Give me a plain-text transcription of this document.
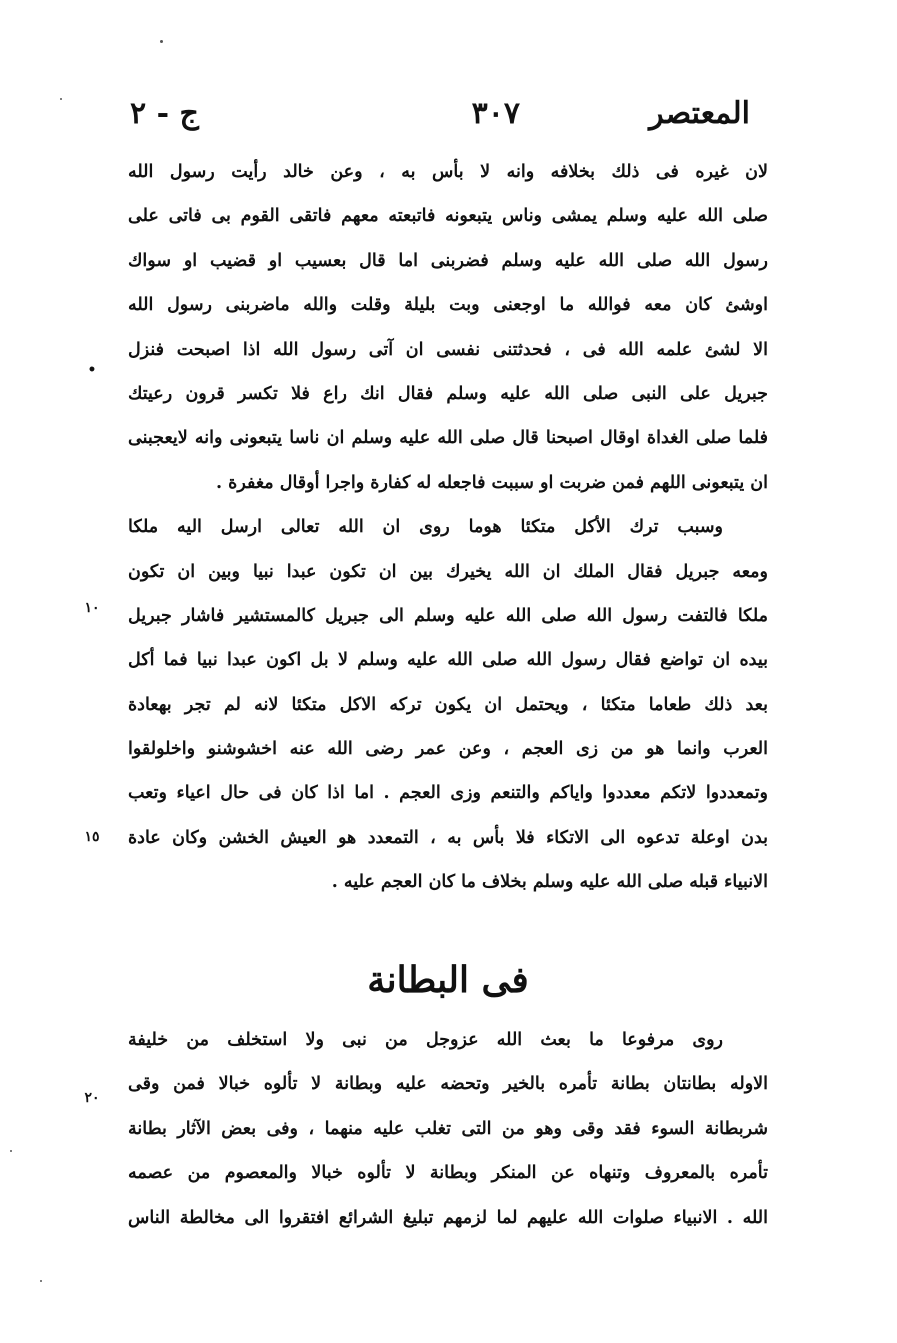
المعتصر
٣٠٧
ج - ٢
لان غيره فى ذلك بخلافه وانه لا بأس به ، وعن خالد رأيت رسول الله
صلى الله عليه وسلم يمشى وناس يتبعونه فاتبعته معهم فاتقى القوم بى فاتى على
رسول الله صلى الله عليه وسلم فضربنى اما قال بعسيب او قضيب او سواك
اوشئ كان معه فوالله ما اوجعنى وبت بليلة وقلت والله ماضربنى رسول الله
الا لشئ علمه الله فى ، فحدثتنى نفسى ان آتى رسول الله اذا اصبحت فنزل
جبريل على النبى صلى الله عليه وسلم فقال انك راع فلا تكسر قرون رعيتك
فلما صلى الغداة اوقال اصبحنا قال صلى الله عليه وسلم ان ناسا يتبعونى وانه لايعجبنى
ان يتبعونى اللهم فمن ضربت او سببت فاجعله له كفارة واجرا أوقال مغفرة .
وسبب ترك الأكل متكئا هوما روى ان الله تعالى ارسل اليه ملكا
ومعه جبريل فقال الملك ان الله يخيرك بين ان تكون عبدا نبيا وبين ان تكون
ملكا فالتفت رسول الله صلى الله عليه وسلم الى جبريل كالمستشير فاشار جبريل
بيده ان تواضع فقال رسول الله صلى الله عليه وسلم لا بل اكون عبدا نبيا فما أكل
بعد ذلك طعاما متكئا ، ويحتمل ان يكون تركه الاكل متكئا لانه لم تجر بهعادة
العرب وانما هو من زى العجم ، وعن عمر رضى الله عنه اخشوشنو واخلولقوا
وتمعددوا لاتكم معددوا واياكم والتنعم وزى العجم . اما اذا كان فى حال اعياء وتعب
بدن اوعلة تدعوه الى الاتكاء فلا بأس به ، التمعدد هو العيش الخشن وكان عادة
الانبياء قبله صلى الله عليه وسلم بخلاف ما كان العجم عليه .
فى البطانة
روى مرفوعا ما بعث الله عزوجل من نبى ولا استخلف من خليفة
الاوله بطانتان بطانة تأمره بالخير وتحضه عليه وبطانة لا تألوه خبالا فمن وقى
شربطانة السوء فقد وقى وهو من التى تغلب عليه منهما ، وفى بعض الآثار بطانة
تأمره بالمعروف وتنهاه عن المنكر وبطانة لا تألوه خبالا والمعصوم من عصمه
الله . الانبياء صلوات الله عليهم لما لزمهم تبليغ الشرائع افتقروا الى مخالطة الناس
•
١٠
١٥
٢٠
